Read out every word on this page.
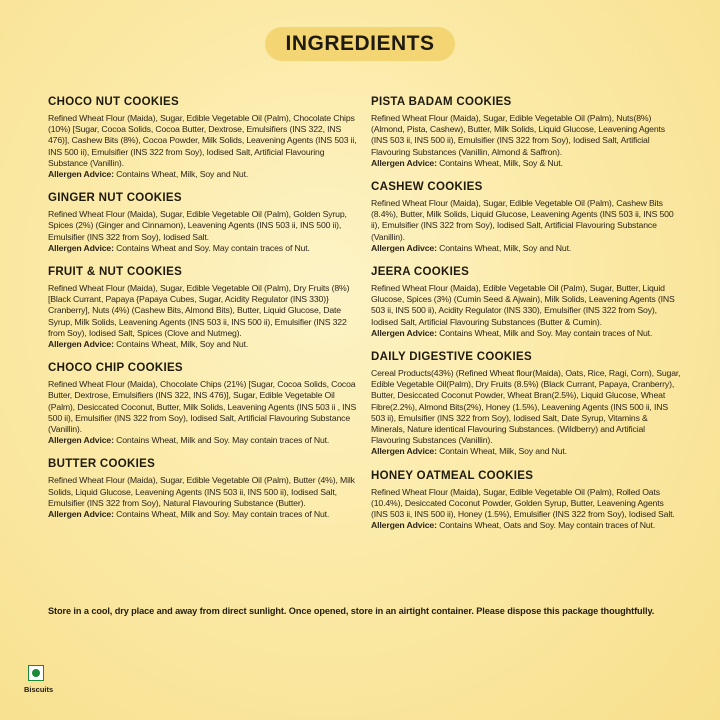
INGREDIENTS
CHOCO NUT COOKIES

Refined Wheat Flour (Maida), Sugar, Edible Vegetable Oil (Palm), Chocolate Chips (10%) [Sugar, Cocoa Solids, Cocoa Butter, Dextrose, Emulsifiers (INS 322, INS 476)], Cashew Bits (8%), Cocoa Powder, Milk Solids, Leavening Agents (INS 503 ii, INS 500 ii), Emulsifier (INS 322 from Soy), Iodised Salt, Artificial Flavouring Substance (Vanillin).

Allergen Advice: Contains Wheat, Milk, Soy and Nut.

GINGER NUT COOKIES

Refined Wheat Flour (Maida), Sugar, Edible Vegetable Oil (Palm), Golden Syrup, Spices (2%) (Ginger and Cinnamon), Leavening Agents (INS 503 ii, INS 500 ii), Emulsifier (INS 322 from Soy), Iodised Salt.

Allergen Advice: Contains Wheat and Soy. May contain traces of Nut.

FRUIT & NUT COOKIES

Refined Wheat Flour (Maida), Sugar, Edible Vegetable Oil (Palm), Dry Fruits (8%) [Black Currant, Papaya {Papaya Cubes, Sugar, Acidity Regulator (INS 330)} Cranberry], Nuts (4%) (Cashew Bits, Almond Bits), Butter, Liquid Glucose, Date Syrup, Milk Solids, Leavening Agents (INS 503 ii, INS 500 ii), Emulsifier (INS 322 from Soy), Iodised Salt, Spices (Clove and Nutmeg).

Allergen Advice: Contains Wheat, Milk, Soy and Nut.

CHOCO CHIP COOKIES

Refined Wheat Flour (Maida), Chocolate Chips (21%) [Sugar, Cocoa Solids, Cocoa Butter, Dextrose, Emulsifiers (INS 322, INS 476)], Sugar, Edible Vegetable Oil (Palm), Desiccated Coconut, Butter, Milk Solids, Leavening Agents (INS 503 ii , INS 500 ii), Emulsifier (INS 322 from Soy), Iodised Salt, Artificial Flavouring Substance (Vanillin).

Allergen Advice: Contains Wheat, Milk and Soy. May contain traces of Nut.

BUTTER COOKIES

Refined Wheat Flour (Maida), Sugar, Edible Vegetable Oil (Palm), Butter (4%), Milk Solids, Liquid Glucose, Leavening Agents (INS 503 ii, INS 500 ii), Iodised Salt, Emulsifier (INS 322 from Soy), Natural Flavouring Substance (Butter).

Allergen Advice: Contains Wheat, Milk and Soy. May contain traces of Nut.

PISTA BADAM COOKIES

Refined Wheat Flour (Maida), Sugar, Edible Vegetable Oil (Palm), Nuts(8%) (Almond, Pista, Cashew), Butter, Milk Solids, Liquid Glucose, Leavening Agents (INS 503 ii, INS 500 ii), Emulsifier (INS 322 from Soy), Iodised Salt, Artificial Flavouring Substances (Vanillin, Almond & Saffron).

Allergen Advice: Contains Wheat, Milk, Soy & Nut.

CASHEW COOKIES

Refined Wheat Flour (Maida), Sugar, Edible Vegetable Oil (Palm), Cashew Bits (8.4%), Butter, Milk Solids, Liquid Glucose, Leavening Agents (INS 503 ii, INS 500 ii), Emulsifier (INS 322 from Soy), Iodised Salt, Artificial Flavouring Substance (Vanillin).

Allergen Adivce: Contains Wheat, Milk, Soy and Nut.

JEERA COOKIES

Refined Wheat Flour (Maida), Edible Vegetable Oil (Palm), Sugar, Butter, Liquid Glucose, Spices (3%) (Cumin Seed & Ajwain), Milk Solids, Leavening Agents (INS 503 ii, INS 500 ii), Acidity Regulator (INS 330), Emulsifier (INS 322 from Soy), Iodised Salt, Artificial Flavouring Substances (Butter & Cumin).

Allergen Advice: Contains Wheat, Milk and Soy. May contain traces of Nut.

DAILY DIGESTIVE COOKIES

Cereal Products(43%) (Refined Wheat flour(Maida), Oats, Rice, Ragi, Corn), Sugar, Edible Vegetable Oil(Palm), Dry Fruits (8.5%) (Black Currant, Papaya, Cranberry), Butter, Desiccated Coconut Powder, Wheat Bran(2.5%), Liquid Glucose, Wheat Fibre(2.2%), Almond Bits(2%), Honey (1.5%), Leavening Agents (INS 500 ii, INS 503 ii), Emulsifier (INS 322 from Soy), Iodised Salt, Date Syrup, Vitamins & Minerals, Nature identical Flavouring Substances. (Wildberry) and Artificial Flavouring Substances (Vanillin).

Allergen Advice: Contain Wheat, Milk, Soy and Nut.

HONEY OATMEAL COOKIES

Refined Wheat Flour (Maida), Sugar, Edible Vegetable Oil (Palm), Rolled Oats (10.4%), Desiccated Coconut Powder, Golden Syrup, Butter, Leavening Agents (INS 503 ii, INS 500 ii), Honey (1.5%), Emulsifier (INS 322 from Soy), Iodised Salt.

Allergen Advice: Contains Wheat, Oats and Soy. May contain traces of Nut.

Store in a cool, dry place and away from direct sunlight. Once opened, store in an airtight container. Please dispose this package thoughtfully.
Biscuits
